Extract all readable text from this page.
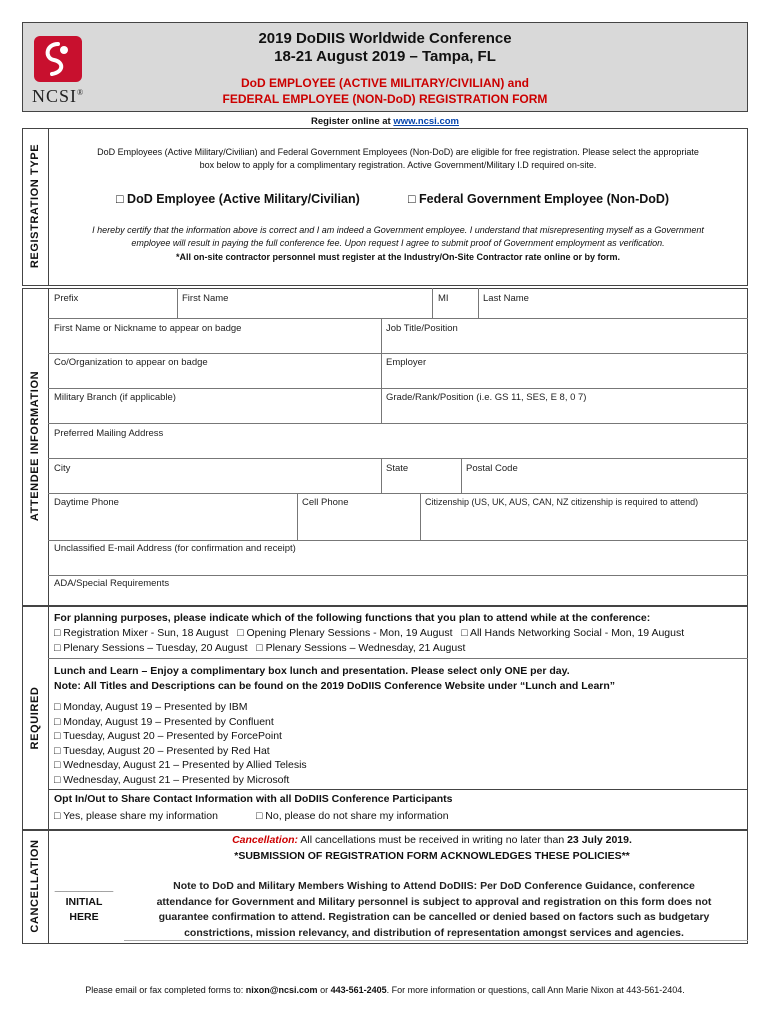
NCSI®
2019 DoDIIS Worldwide Conference
18-21 August 2019 – Tampa, FL
DoD EMPLOYEE (ACTIVE MILITARY/CIVILIAN) and
FEDERAL EMPLOYEE (NON-DoD) REGISTRATION FORM
Register online at www.ncsi.com
REGISTRATION TYPE	DoD Employees (Active Military/Civilian) and Federal Government Employees (Non-DoD) are eligible for free registration. Please select the appropriate
box below to apply for a complimentary registration. Active Government/Military I.D required on-site.
□ DoD Employee (Active Military/Civilian) □	Federal Government Employee (Non-DoD)
I hereby certify that the information above is correct and I am indeed a Government employee. I understand that misrepresenting myself as a Government
employee will result in paying the full conference fee. Upon request I agree to submit proof of Government employment as verification.
*All on-site contractor personnel must register at the Industry/On-Site Contractor rate online or by form.
ATTENDEE INFORMATION
Prefix	First Name	MI	Last Name
First Name or Nickname to appear on badge	Job Title/Position
Co/Organization to appear on badge	Employer
Military Branch (if applicable)	Grade/Rank/Position (i.e. GS 11, SES, E 8, 0 7)
Preferred Mailing Address
City	State	Postal Code
Daytime Phone	Cell Phone	Citizenship (US, UK, AUS, CAN, NZ citizenship is required to attend)
Unclassified E-mail Address (for confirmation and receipt)
ADA/Special Requirements
REQUIRED
For planning purposes, please indicate which of the following functions that you plan to attend while at the conference:
□ Registration Mixer - Sun, 18 August □ Opening Plenary Sessions - Mon, 19 August □ All Hands Networking Social - Mon, 19 August
□ Plenary Sessions – Tuesday, 20 August □ Plenary Sessions – Wednesday, 21 August
Lunch and Learn – Enjoy a complimentary box lunch and presentation. Please select only ONE per day.
Note: All Titles and Descriptions can be found on the 2019 DoDIIS Conference Website under “Lunch and Learn”
□ Monday, August 19 – Presented by IBM
□ Monday, August 19 – Presented by Confluent
□ Tuesday, August 20 – Presented by ForcePoint
□ Tuesday, August 20 – Presented by Red Hat
□ Wednesday, August 21 – Presented by Allied Telesis
□ Wednesday, August 21 – Presented by Microsoft
Opt In/Out to Share Contact Information with all DoDIIS Conference Participants
□ Yes, please share my information □	No, please do not share my information
CANCELLATION	Cancellation: All cancellations must be received in writing no later than 23 July 2019.
*SUBMISSION OF REGISTRATION FORM ACKNOWLEDGES THESE POLICIES**
__________
INITIAL
HERE
Note to DoD and Military Members Wishing to Attend DoDIIS: Per DoD Conference Guidance, conference
attendance for Government and Military personnel is subject to approval and registration on this form does not
guarantee confirmation to attend. Registration can be cancelled or denied based on factors such as budgetary
constrictions, mission relevancy, and distribution of representation amongst services and agencies.
Please email or fax completed forms to: nixon@ncsi.com or 443-561-2405. For more information or questions, call Ann Marie Nixon at 443-561-2404.
